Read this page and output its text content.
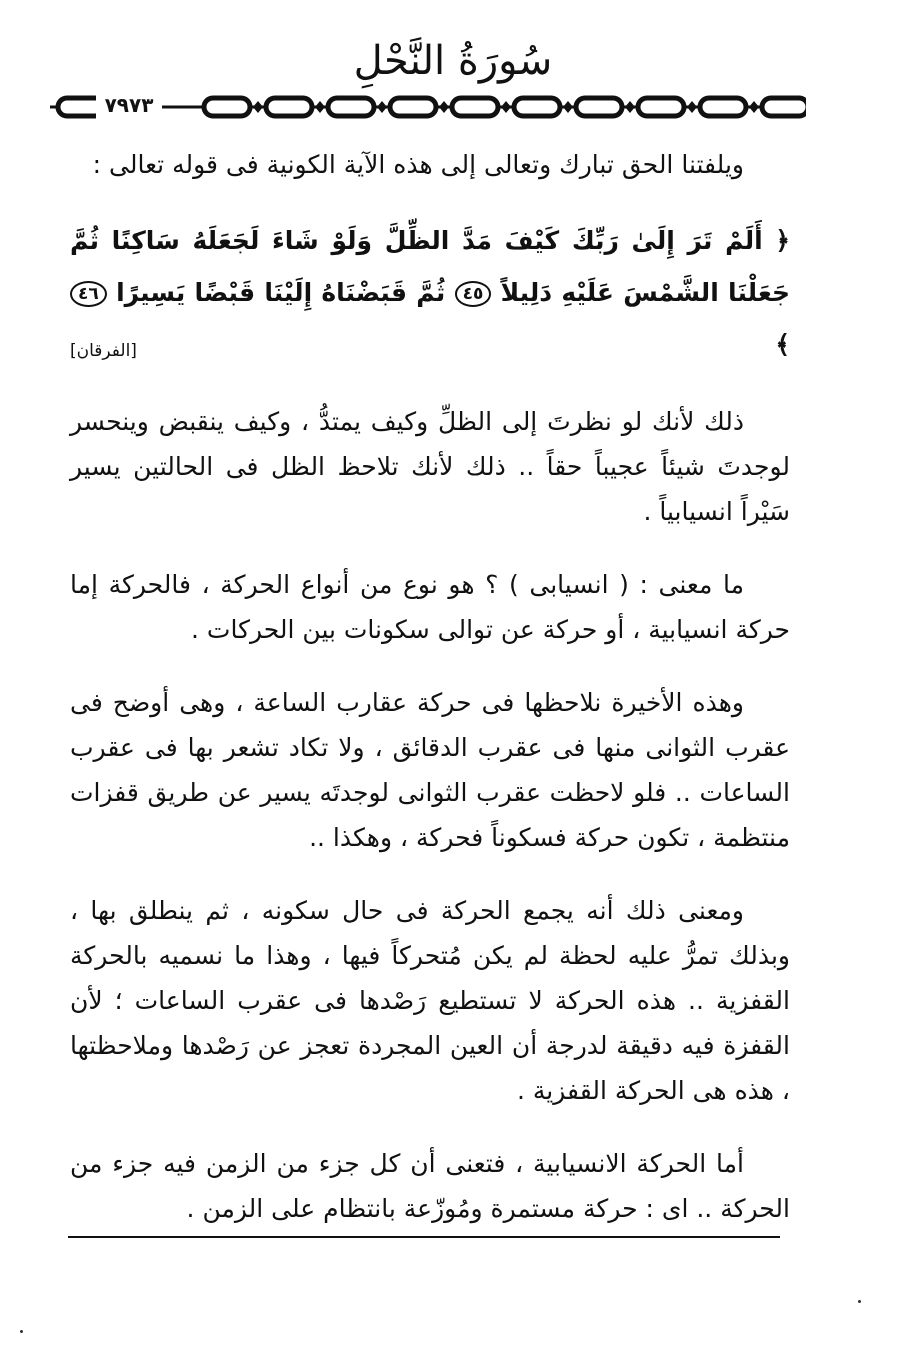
سُورَةُ النَّحْلِ
٧٩٧٣

ويلفتنا الحق تبارك وتعالى إلى هذه الآية الكونية فى قوله تعالى :

﴿ أَلَمْ تَرَ إِلَىٰ رَبِّكَ كَيْفَ مَدَّ الظِّلَّ وَلَوْ شَاءَ لَجَعَلَهُ سَاكِنًا ثُمَّ جَعَلْنَا الشَّمْسَ عَلَيْهِ دَلِيلاً ٤٥ ثُمَّ قَبَضْنَاهُ إِلَيْنَا قَبْضًا يَسِيرًا ٤٦ ﴾
[الفرقان]

ذلك لأنك لو نظرتَ إلى الظلِّ وكيف يمتدُّ ، وكيف ينقبض وينحسر لوجدتَ شيئاً عجيباً حقاً .. ذلك لأنك تلاحظ الظل فى الحالتين يسير سَيْراً انسيابياً .

ما معنى : ( انسيابى ) ؟ هو نوع من أنواع الحركة ، فالحركة إما حركة انسيابية ، أو حركة عن توالى سكونات بين الحركات .

وهذه الأخيرة نلاحظها فى حركة عقارب الساعة ، وهى أوضح فى عقرب الثوانى منها فى عقرب الدقائق ، ولا تكاد تشعر بها فى عقرب الساعات .. فلو لاحظت عقرب الثوانى لوجدتَه يسير عن طريق قفزات منتظمة ، تكون حركة فسكوناً فحركة ، وهكذا ..

ومعنى ذلك أنه يجمع الحركة فى حال سكونه ، ثم ينطلق بها ، وبذلك تمرُّ عليه لحظة لم يكن مُتحركاً فيها ، وهذا ما نسميه بالحركة القفزية .. هذه الحركة لا تستطيع رَصْدها فى عقرب الساعات ؛ لأن القفزة فيه دقيقة لدرجة أن العين المجردة تعجز عن رَصْدها وملاحظتها ، هذه هى الحركة القفزية .

أما الحركة الانسيابية ، فتعنى أن كل جزء من الزمن فيه جزء من الحركة .. اى : حركة مستمرة ومُوزّعة بانتظام على الزمن .
